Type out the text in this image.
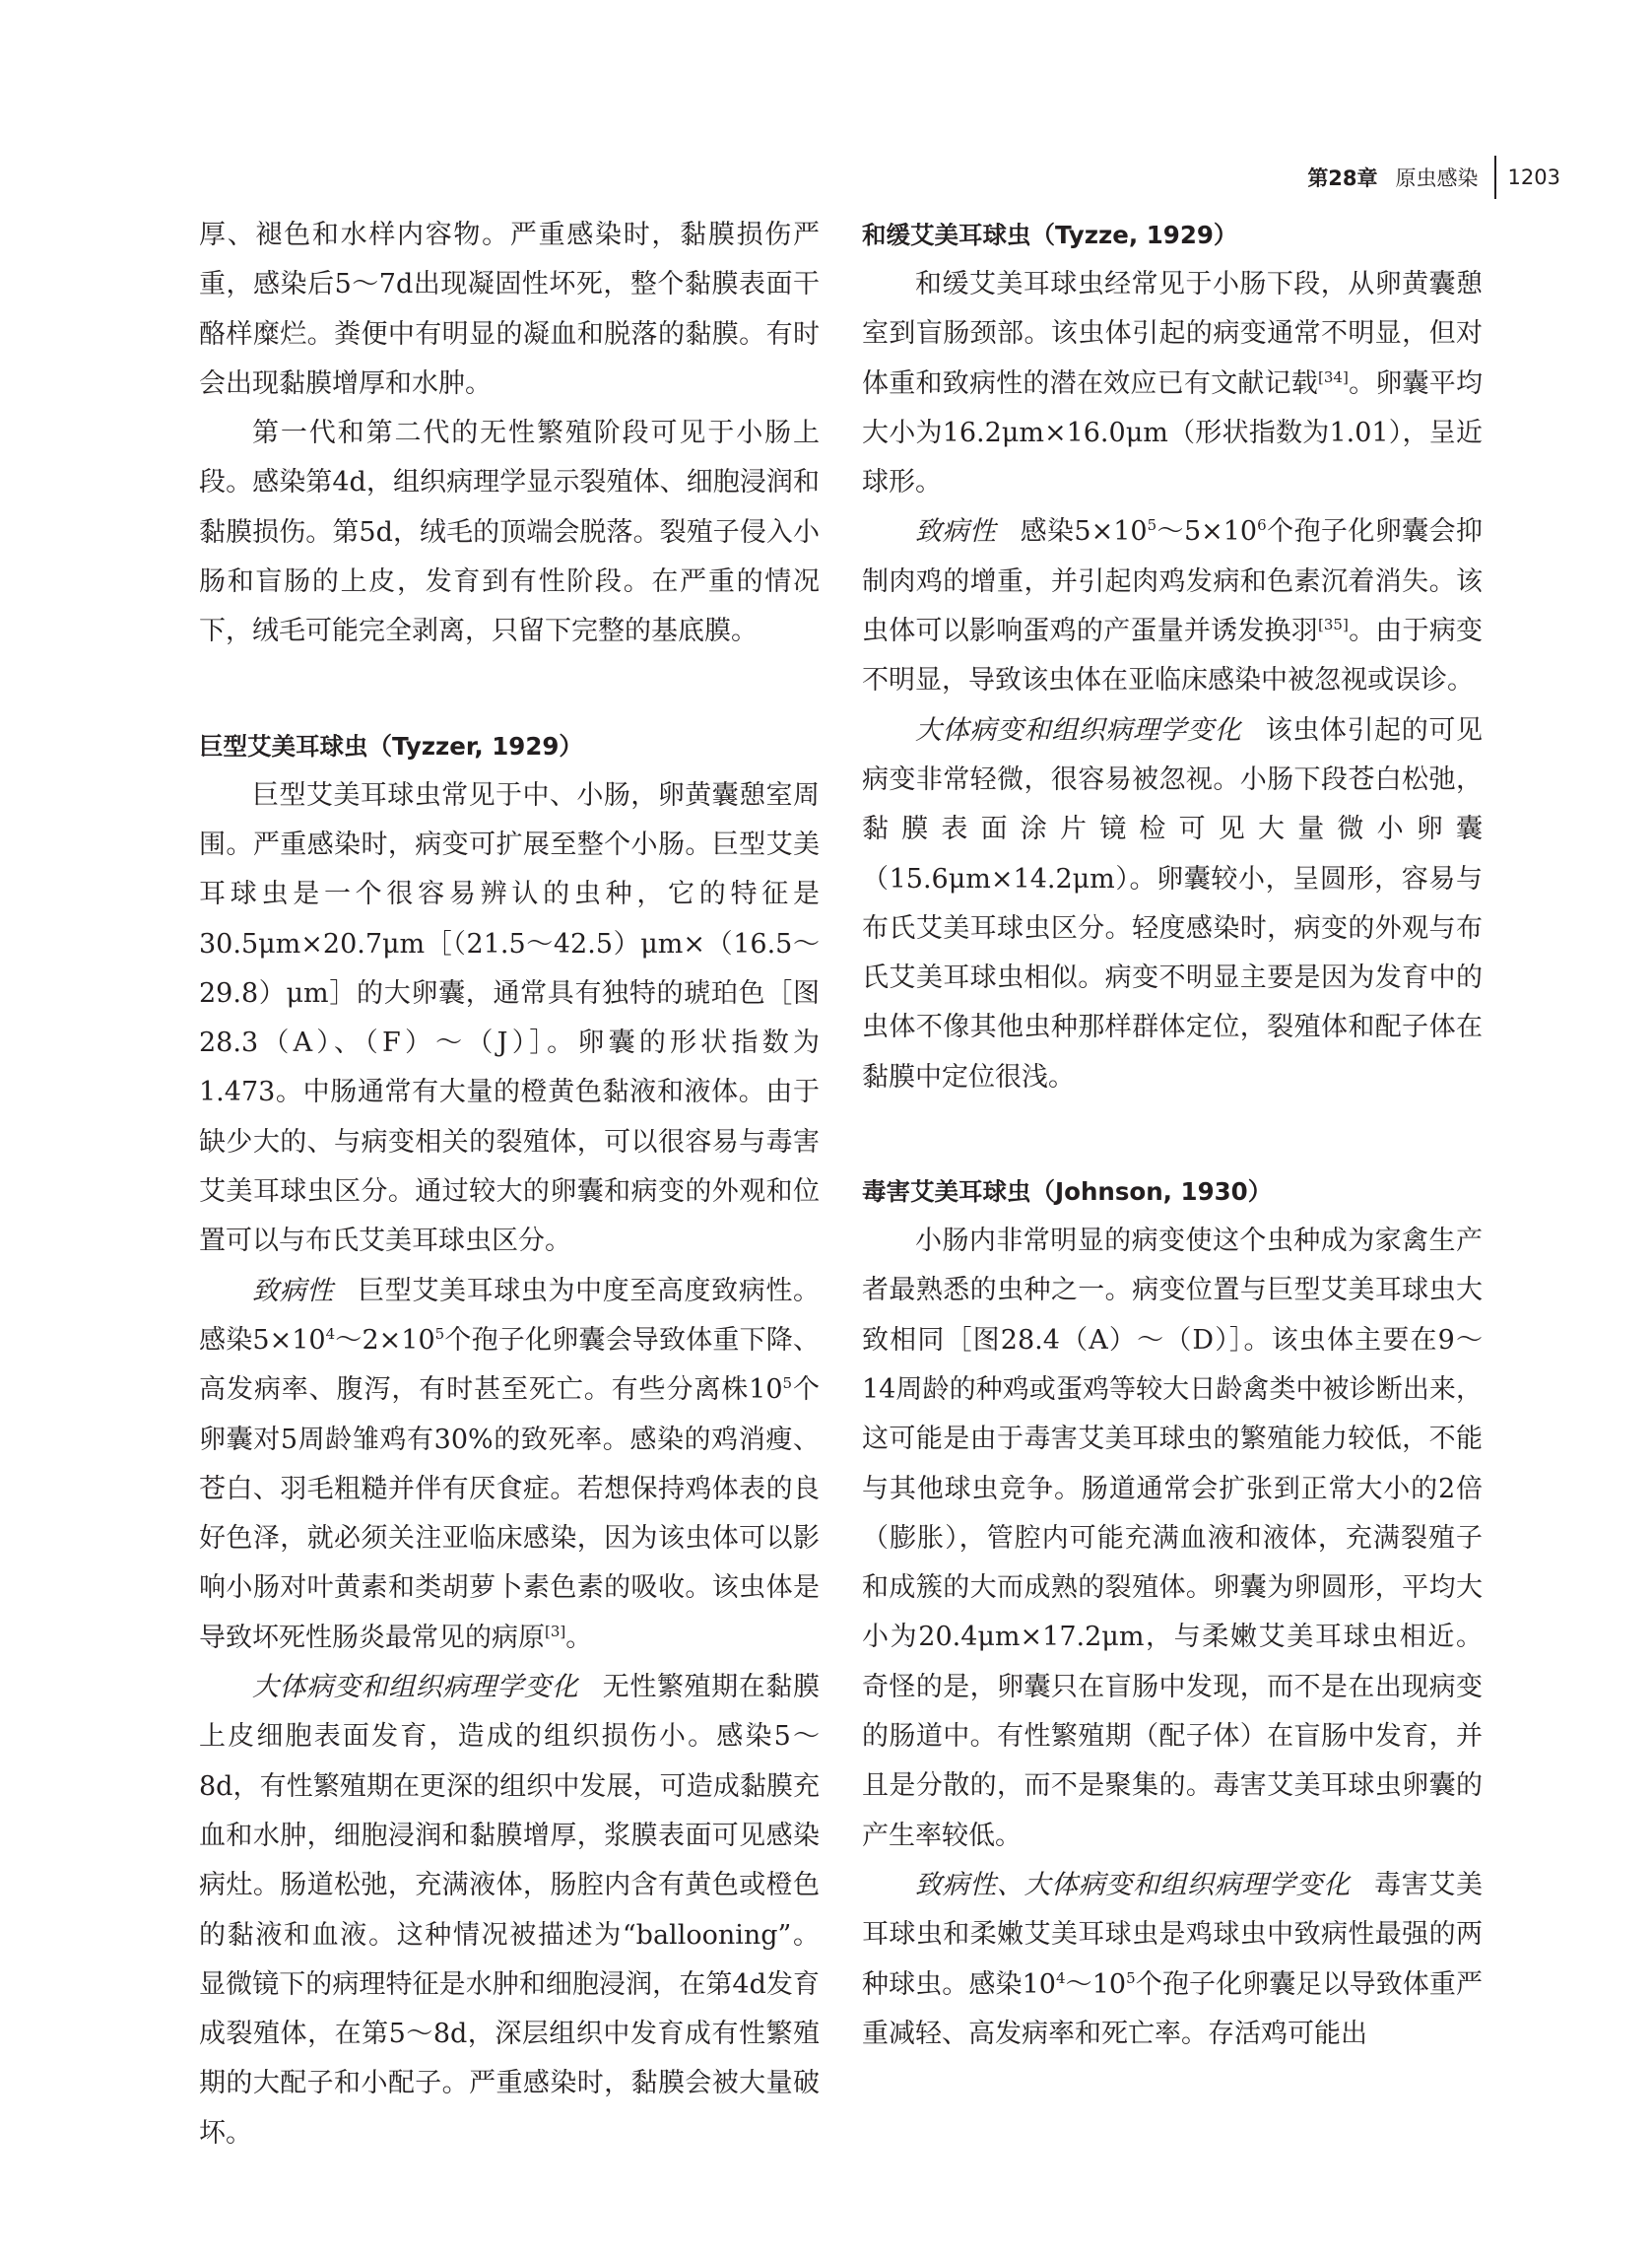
第28章 原虫感染 1203

厚、褪色和水样内容物。严重感染时，黏膜损伤严重，感染后5～7d出现凝固性坏死，整个黏膜表面干酪样糜烂。粪便中有明显的凝血和脱落的黏膜。有时会出现黏膜增厚和水肿。

第一代和第二代的无性繁殖阶段可见于小肠上段。感染第4d，组织病理学显示裂殖体、细胞浸润和黏膜损伤。第5d，绒毛的顶端会脱落。裂殖子侵入小肠和盲肠的上皮，发育到有性阶段。在严重的情况下，绒毛可能完全剥离，只留下完整的基底膜。

巨型艾美耳球虫（Tyzzer, 1929）

巨型艾美耳球虫常见于中、小肠，卵黄囊憩室周围。严重感染时，病变可扩展至整个小肠。巨型艾美耳球虫是一个很容易辨认的虫种，它的特征是30.5μm×20.7μm［（21.5～42.5）μm×（16.5～29.8）μm］的大卵囊，通常具有独特的琥珀色［图28.3（A）、（F）～（J）］。卵囊的形状指数为1.473。中肠通常有大量的橙黄色黏液和液体。由于缺少大的、与病变相关的裂殖体，可以很容易与毒害艾美耳球虫区分。通过较大的卵囊和病变的外观和位置可以与布氏艾美耳球虫区分。

致病性 巨型艾美耳球虫为中度至高度致病性。感染$5\times 10^4\sim 2\times 10^5$个孢子化卵囊会导致体重下降、高发病率、腹泻，有时甚至死亡。有些分离株$10^5$个卵囊对5周龄雏鸡有30%的致死率。感染的鸡消瘦、苍白、羽毛粗糙并伴有厌食症。若想保持鸡体表的良好色泽，就必须关注亚临床感染，因为该虫体可以影响小肠对叶黄素和类胡萝卜素色素的吸收。该虫体是导致坏死性肠炎最常见的病原[3]。

大体病变和组织病理学变化 无性繁殖期在黏膜上皮细胞表面发育，造成的组织损伤小。感染5～8d，有性繁殖期在更深的组织中发展，可造成黏膜充血和水肿，细胞浸润和黏膜增厚，浆膜表面可见感染病灶。肠道松弛，充满液体，肠腔内含有黄色或橙色的黏液和血液。这种情况被描述为“ballooning”。显微镜下的病理特征是水肿和细胞浸润，在第4d发育成裂殖体，在第5～8d，深层组织中发育成有性繁殖期的大配子和小配子。严重感染时，黏膜会被大量破坏。

和缓艾美耳球虫（Tyzze, 1929）

和缓艾美耳球虫经常见于小肠下段，从卵黄囊憩室到盲肠颈部。该虫体引起的病变通常不明显，但对体重和致病性的潜在效应已有文献记载[34]。卵囊平均大小为16.2μm×16.0μm（形状指数为1.01），呈近球形。

致病性 感染$5\times 10^5\sim 5\times 10^6$个孢子化卵囊会抑制肉鸡的增重，并引起肉鸡发病和色素沉着消失。该虫体可以影响蛋鸡的产蛋量并诱发换羽[35]。由于病变不明显，导致该虫体在亚临床感染中被忽视或误诊。

大体病变和组织病理学变化 该虫体引起的可见病变非常轻微，很容易被忽视。小肠下段苍白松弛，黏膜表面涂片镜检可见大量微小卵囊（15.6μm×14.2μm）。卵囊较小，呈圆形，容易与布氏艾美耳球虫区分。轻度感染时，病变的外观与布氏艾美耳球虫相似。病变不明显主要是因为发育中的虫体不像其他虫种那样群体定位，裂殖体和配子体在黏膜中定位很浅。

毒害艾美耳球虫（Johnson, 1930）

小肠内非常明显的病变使这个虫种成为家禽生产者最熟悉的虫种之一。病变位置与巨型艾美耳球虫大致相同［图28.4（A）～（D）］。该虫体主要在9～14周龄的种鸡或蛋鸡等较大日龄禽类中被诊断出来，这可能是由于毒害艾美耳球虫的繁殖能力较低，不能与其他球虫竞争。肠道通常会扩张到正常大小的2倍（膨胀），管腔内可能充满血液和液体，充满裂殖子和成簇的大而成熟的裂殖体。卵囊为卵圆形，平均大小为20.4μm×17.2μm，与柔嫩艾美耳球虫相近。奇怪的是，卵囊只在盲肠中发现，而不是在出现病变的肠道中。有性繁殖期（配子体）在盲肠中发育，并且是分散的，而不是聚集的。毒害艾美耳球虫卵囊的产生率较低。

致病性、大体病变和组织病理学变化 毒害艾美耳球虫和柔嫩艾美耳球虫是鸡球虫中致病性最强的两种球虫。感染$10^4\sim 10^5$个孢子化卵囊足以导致体重严重减轻、高发病率和死亡率。存活鸡可能出
